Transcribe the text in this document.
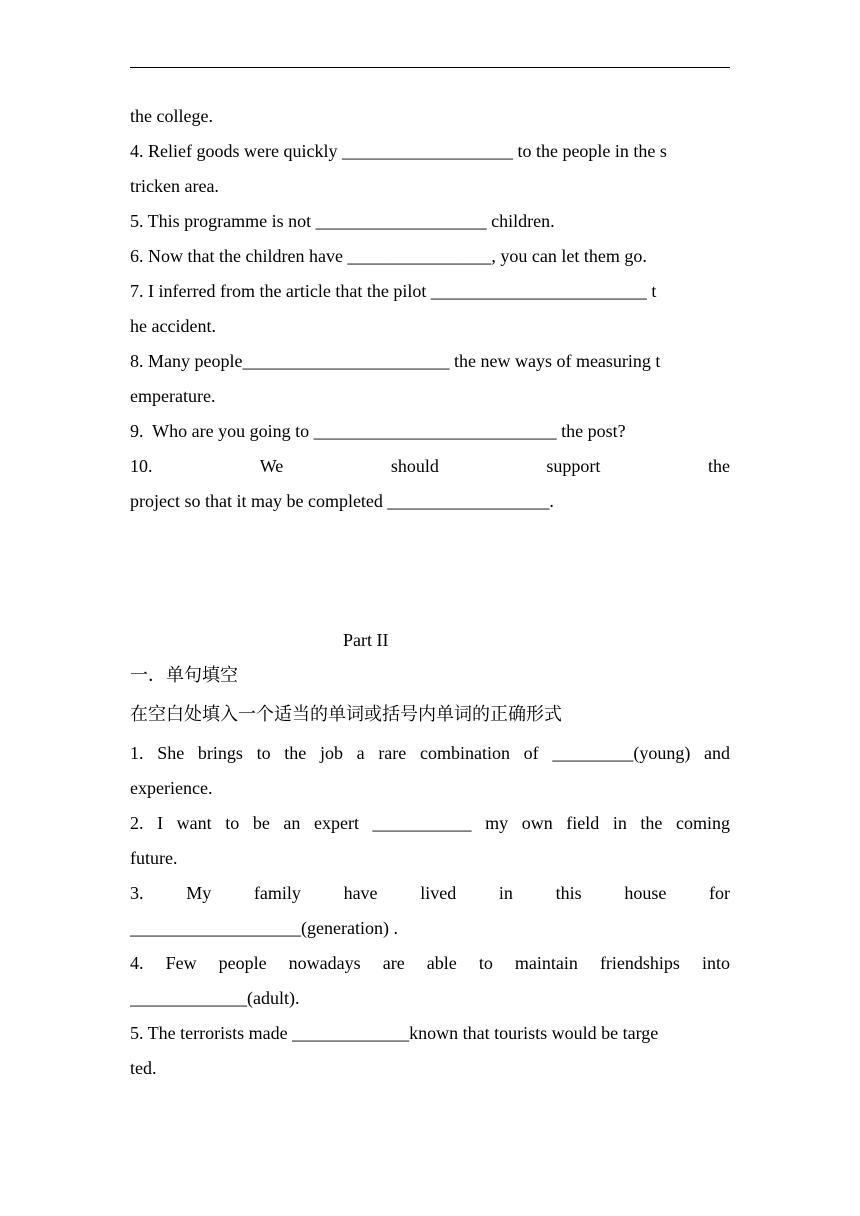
the college.
4. Relief goods were quickly ___________________ to the people in the s
tricken area.
5. This programme is not ___________________ children.
6. Now that the children have ________________, you can let them go.
7. I inferred from the article that the pilot ________________________ t
he accident.
8. Many people_______________________ the new ways of measuring t
emperature.
9.  Who are you going to ___________________________ the post?
10. We should support the
project so that it may be completed __________________.
Part II
一．单句填空
在空白处填入一个适当的单词或括号内单词的正确形式
1. She brings to the job a rare combination of _________(young) and
experience.
2. I want to be an expert ___________ my own field in the coming
future.
3. My family have lived in this house for
___________________(generation) .
4. Few people nowadays are able to maintain friendships into
_____________(adult).
5. The terrorists made _____________known that tourists would be targe
ted.
